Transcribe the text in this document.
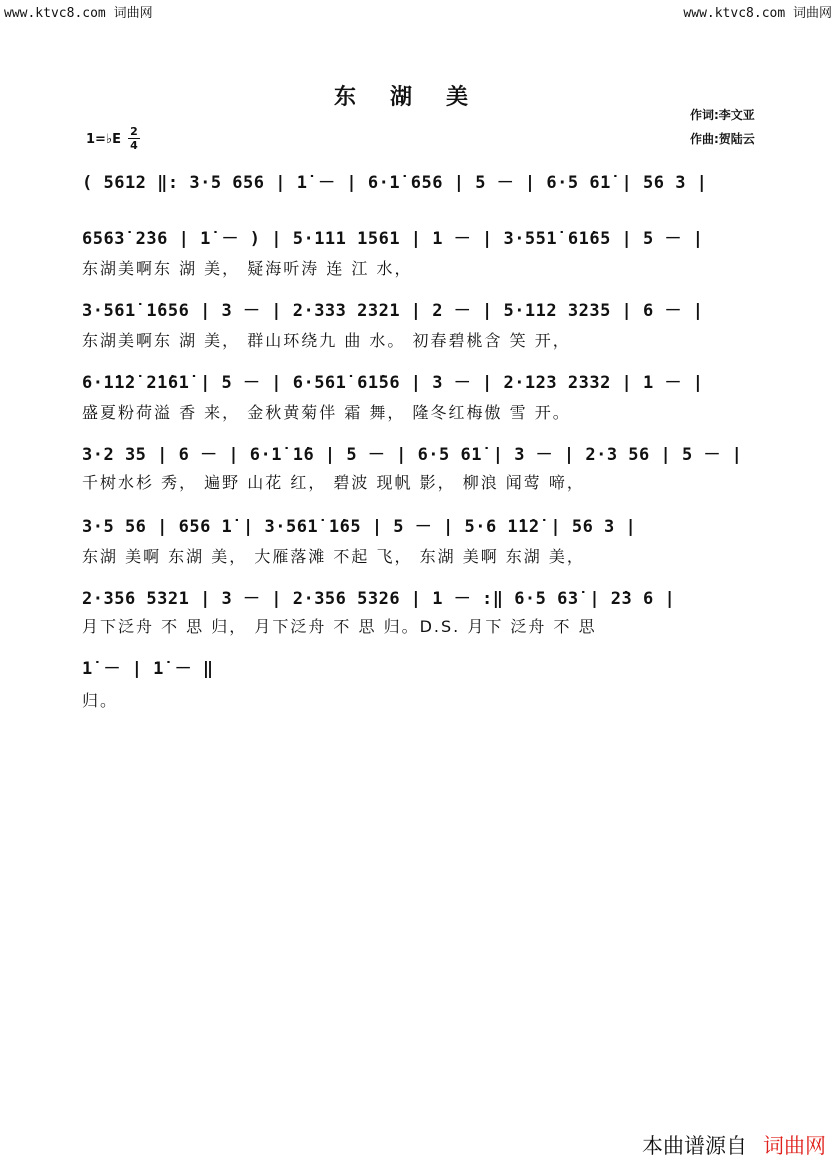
www.ktvc8.com 词曲网	www.ktvc8.com 词曲网
东湖美
作词:李文亚
作曲:贺陆云
1=♭E
2
4
( 5612 ‖: 3·5 656 | 1̇ － | 6·1̇ 656 | 5 － | 6·5 61̇ | 56 3 |
6563̇ 2̇36 | 1̇ － ) | 5·111 1561 | 1 － | 3·551̇ 61̇65 | 5 － |
东湖美啊东 湖 美， 疑海听涛 连 江 水，
3·561̇ 1̇656 | 3 － | 2·333 2321 | 2 － | 5·112 3235 | 6 － |
东湖美啊东 湖 美， 群山环绕九 曲 水。 初春碧桃含 笑 开，
6·1̇1̇2̇ 2̇1̇61̇ | 5 － | 6·561̇ 61̇56 | 3 － | 2·123 2332 | 1 － |
盛夏粉荷溢 香 来， 金秋黄菊伴 霜 舞， 隆冬红梅傲 雪 开。
3·2 35 | 6 － | 6·1̇ 1̇6 | 5 － | 6·5 61̇ | 3 － | 2·3 56 | 5 － |
千树水杉 秀， 遍野 山花 红， 碧波 现帆 影， 柳浪 闻莺 啼，
3·5 56 | 656 1̇ | 3·561̇ 1̇65 | 5 － | 5·6 1̇1̇2̇ | 56 3 |
东湖 美啊 东湖 美， 大雁落滩 不起 飞， 东湖 美啊 东湖 美，
2·356 5321 | 3 － | 2·356 5326 | 1 － :‖ 6·5 63̇ | 2̇3 6 |
月下泛舟 不 思 归， 月下泛舟 不 思 归。D.S. 月下 泛舟 不 思
1̇ － | 1̇ － ‖
归。
本曲谱源自 词曲网
